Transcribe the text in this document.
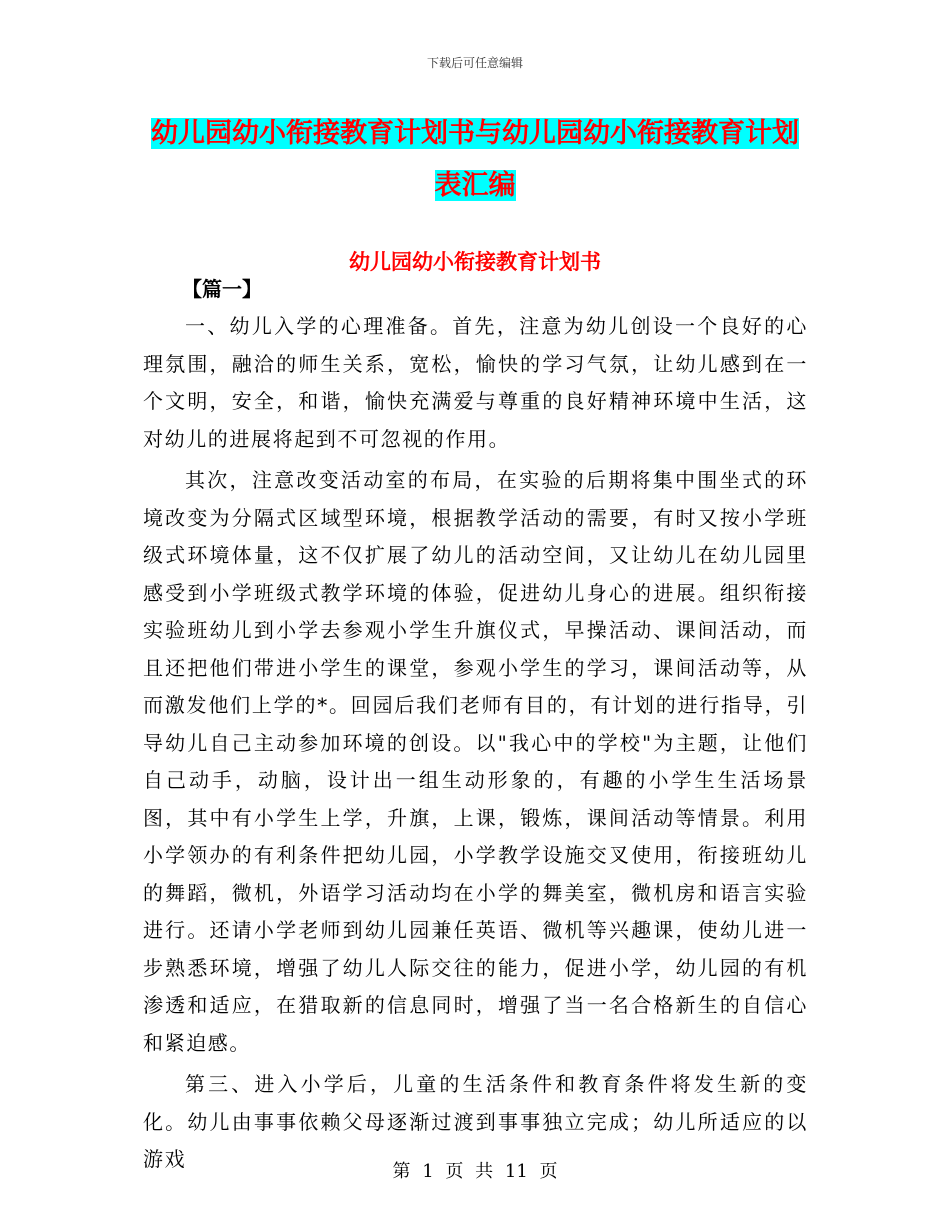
下载后可任意编辑
幼儿园幼小衔接教育计划书与幼儿园幼小衔接教育计划表汇编
幼儿园幼小衔接教育计划书
【篇一】

一、幼儿入学的心理准备。首先，注意为幼儿创设一个良好的心理氛围，融洽的师生关系，宽松，愉快的学习气氛，让幼儿感到在一个文明，安全，和谐，愉快充满爱与尊重的良好精神环境中生活，这对幼儿的进展将起到不可忽视的作用。

其次，注意改变活动室的布局，在实验的后期将集中围坐式的环境改变为分隔式区域型环境，根据教学活动的需要，有时又按小学班级式环境体量，这不仅扩展了幼儿的活动空间，又让幼儿在幼儿园里感受到小学班级式教学环境的体验，促进幼儿身心的进展。组织衔接实验班幼儿到小学去参观小学生升旗仪式，早操活动、课间活动，而且还把他们带进小学生的课堂，参观小学生的学习，课间活动等，从而激发他们上学的*。回园后我们老师有目的，有计划的进行指导，引导幼儿自己主动参加环境的创设。以"我心中的学校"为主题，让他们自己动手，动脑，设计出一组生动形象的，有趣的小学生生活场景图，其中有小学生上学，升旗，上课，锻炼，课间活动等情景。利用小学领办的有利条件把幼儿园，小学教学设施交叉使用，衔接班幼儿的舞蹈，微机，外语学习活动均在小学的舞美室，微机房和语言实验进行。还请小学老师到幼儿园兼任英语、微机等兴趣课，使幼儿进一步熟悉环境，增强了幼儿人际交往的能力，促进小学，幼儿园的有机渗透和适应，在猎取新的信息同时，增强了当一名合格新生的自信心和紧迫感。

第三、进入小学后，儿童的生活条件和教育条件将发生新的变化。幼儿由事事依赖父母逐渐过渡到事事独立完成；幼儿所适应的以游戏

第 1 页 共 11 页
